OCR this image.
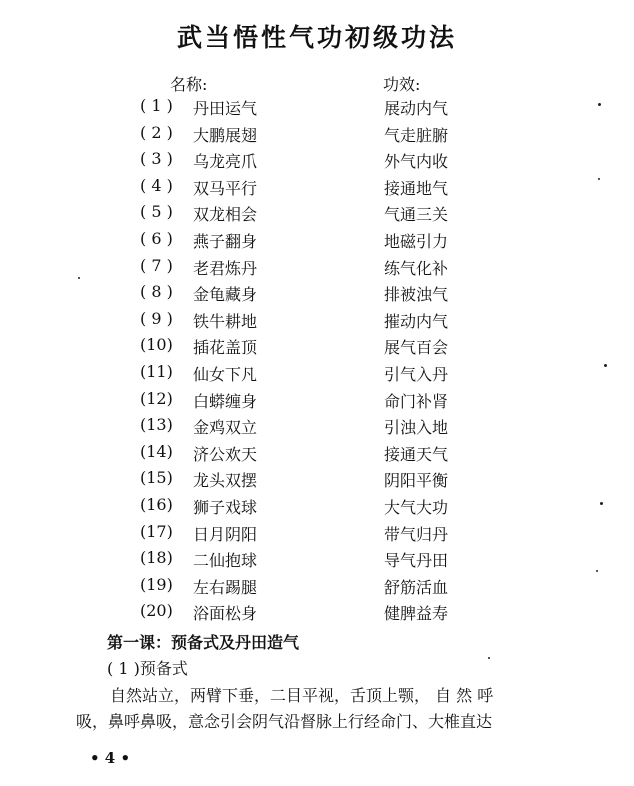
武当悟性气功初级功法
名称:	功效:
( 1 )	丹田运气	展动内气
( 2 )	大鹏展翅	气走脏腑
( 3 )	乌龙亮爪	外气内收
( 4 )	双马平行	接通地气
( 5 )	双龙相会	气通三关
( 6 )	燕子翻身	地磁引力
( 7 )	老君炼丹	练气化补
( 8 )	金龟藏身	排被浊气
( 9 )	铁牛耕地	摧动内气
(10)	插花盖顶	展气百会
(11)	仙女下凡	引气入丹
(12)	白蟒缠身	命门补肾
(13)	金鸡双立	引浊入地
(14)	济公欢天	接通天气
(15)	龙头双摆	阴阳平衡
(16)	狮子戏球	大气大功
(17)	日月阴阳	带气归丹
(18)	二仙抱球	导气丹田
(19)	左右踢腿	舒筋活血
(20)	浴面松身	健脾益寿
第一课：预备式及丹田造气
( 1 )预备式
自然站立，两臂下垂，二目平视，舌顶上颚， 自 然 呼
吸，鼻呼鼻吸，意念引会阴气沿督脉上行经命门、大椎直达
• 4 •
